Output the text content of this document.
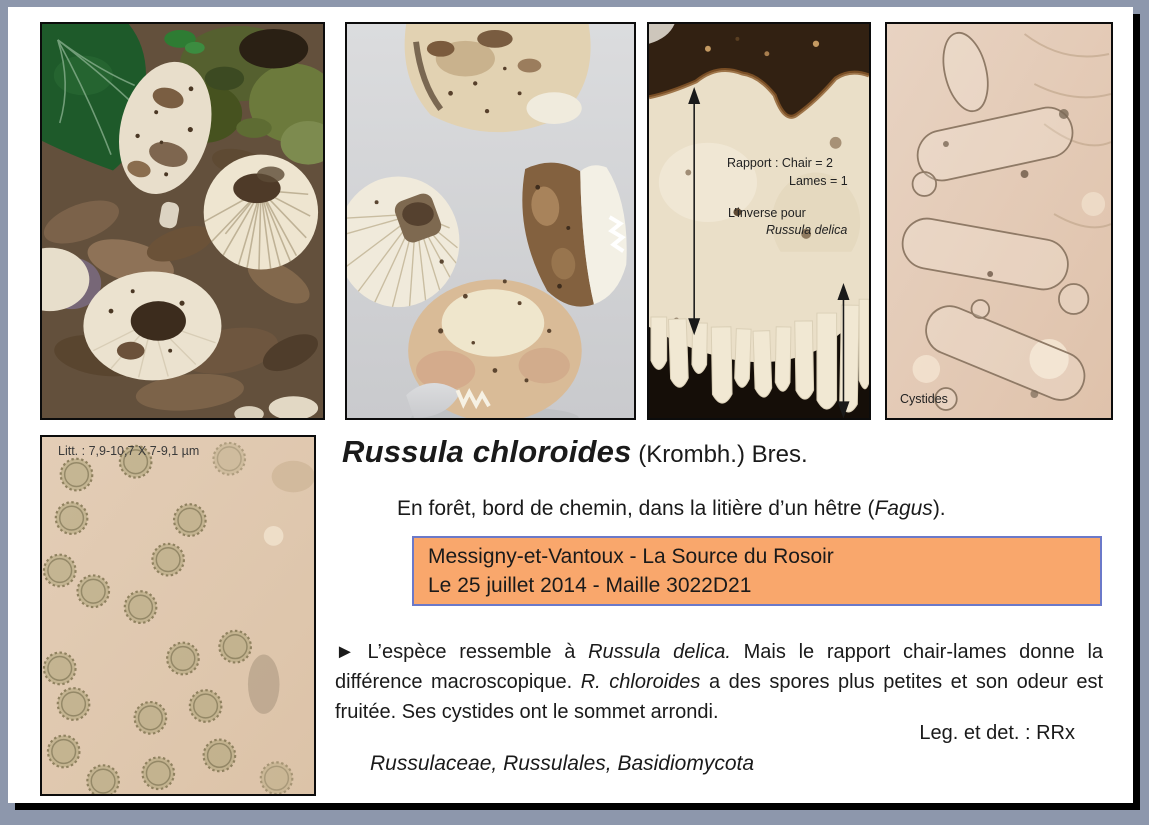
Rapport : Chair = 2
Lames = 1
L’inverse pour
Russula delica
Cystides
Litt. : 7,9-10,7 X 7-9,1 µm	Russula chloroides (Krombh.) Bres.
En forêt, bord de chemin, dans la litière d’un hêtre (Fagus).
Messigny-et-Vantoux - La Source du Rosoir
Le 25 juillet 2014 - Maille 3022D21
► L’espèce ressemble à Russula delica. Mais le rapport chair-lames donne la différence macroscopique. R. chloroides a des spores plus petites et son odeur est fruitée. Ses cystides ont le sommet arrondi.
Leg. et det. : RRx
Russulaceae, Russulales, Basidiomycota
